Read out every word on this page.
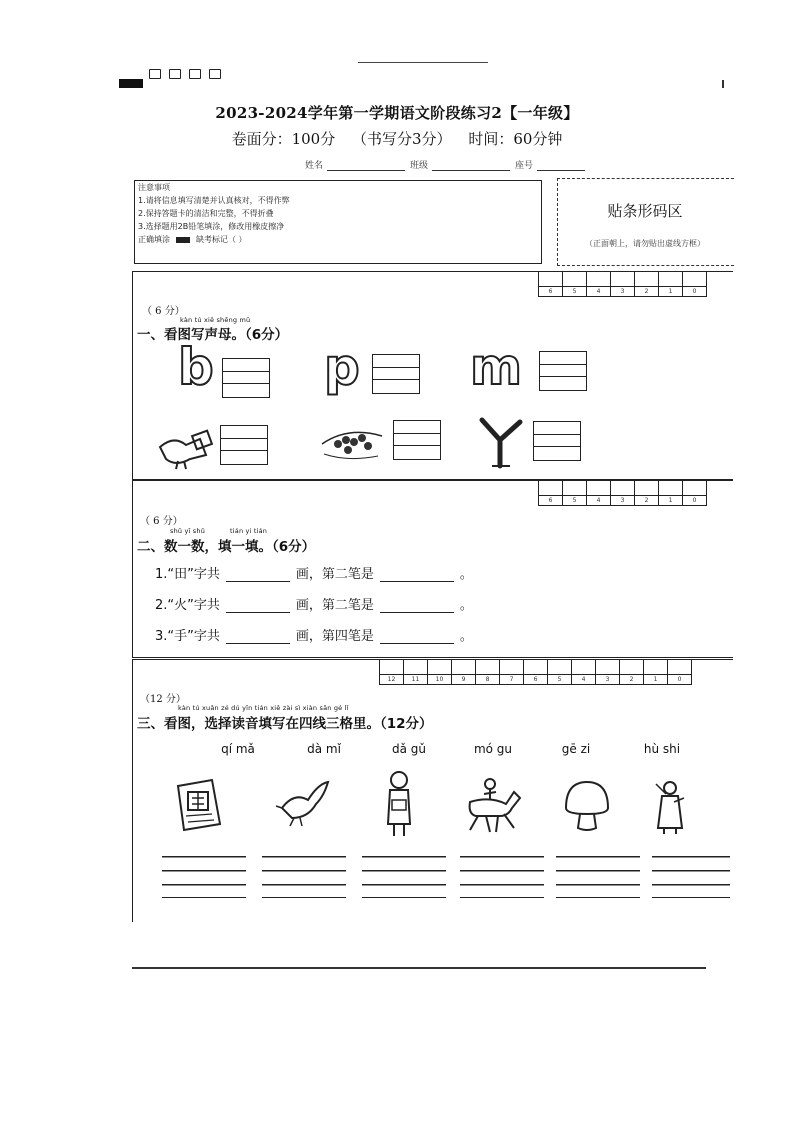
2023-2024学年第一学期语文阶段练习2【一年级】
卷面分：100分 （书写分3分） 时间：60分钟
姓名	班级	座号
注意事项
1.请将信息填写清楚并认真核对，不得作弊
2.保持答题卡的清洁和完整，不得折叠
3.选择题用2B铅笔填涂，修改用橡皮擦净
正确填涂	缺考标记（ ）
贴条形码区
（正面朝上，请勿贴出虚线方框）
6	5	4	3	2	1	0
（ 6 分）
kàn tú xiě shēng mǔ
一、看图写声母。（6分）
b p m
6	5	4	3	2	1	0
（ 6 分）
shǔ yī shǔ	tián yi tián
二、数一数，填一填。（6分）
1.“田”字共	画，第二笔是	。
2.“火”字共	画，第二笔是	。
3.“手”字共	画，第四笔是	。
12	11	10	9	8	7	6	5	4	3	2	1	0
（12 分）
kàn tú xuǎn zé dú yīn tián xiě zài sì xiàn sān gé lǐ
三、看图，选择读音填写在四线三格里。（12分）
qí mǎ	dà mǐ	dǎ gǔ	mó gu	gē zi	hù shi
